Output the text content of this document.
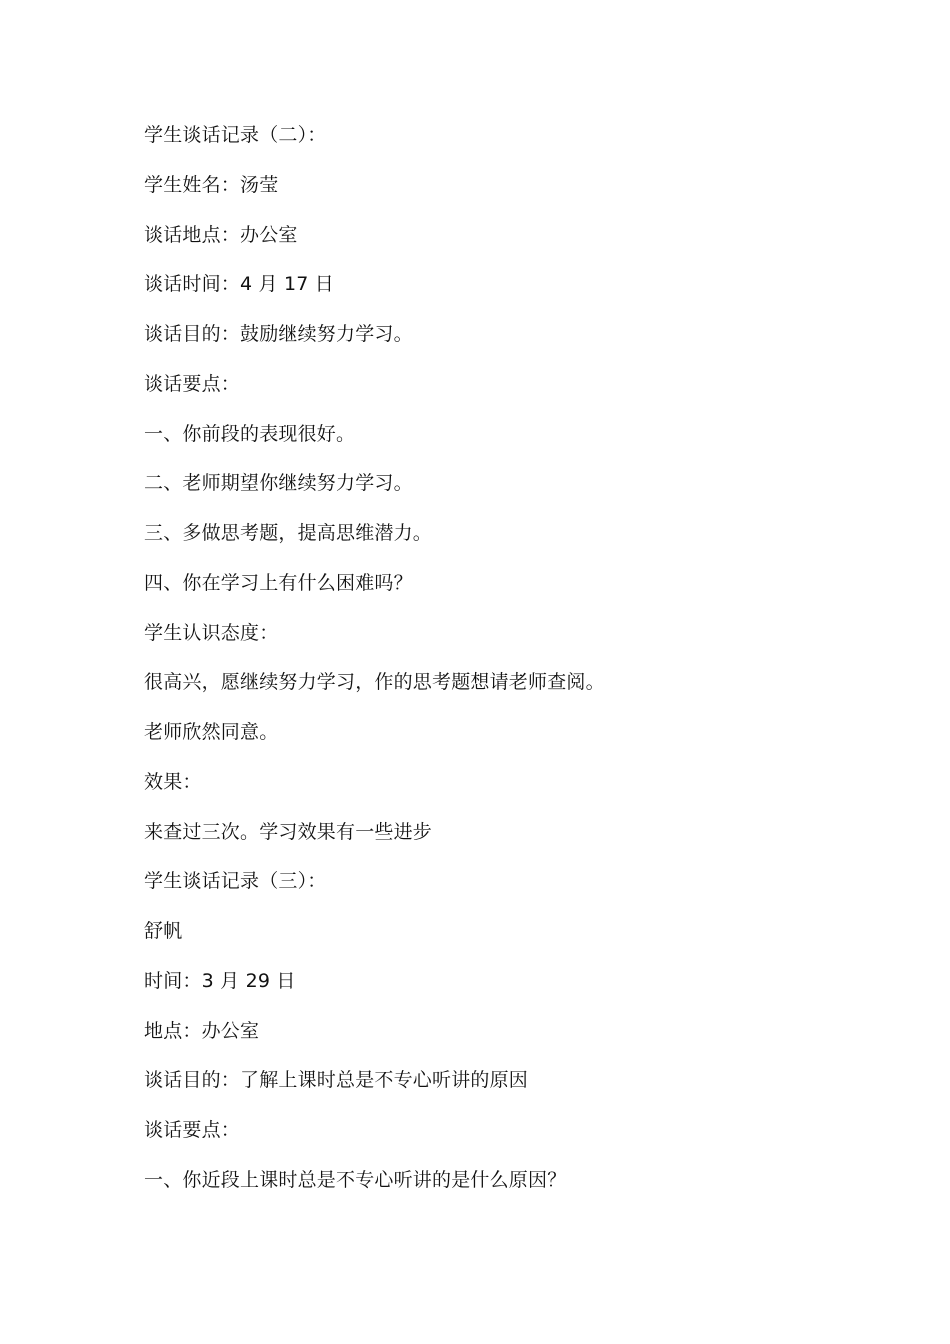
学生谈话记录（二）：
学生姓名：汤莹
谈话地点：办公室
谈话时间：4 月 17 日
谈话目的：鼓励继续努力学习。
谈话要点：
一、你前段的表现很好。
二、老师期望你继续努力学习。
三、多做思考题，提高思维潜力。
四、你在学习上有什么困难吗？
学生认识态度：
很高兴，愿继续努力学习，作的思考题想请老师查阅。
老师欣然同意。
效果：
来查过三次。学习效果有一些进步
学生谈话记录（三）：
舒帆
时间：3 月 29 日
地点：办公室
谈话目的：了解上课时总是不专心听讲的原因
谈话要点：
一、你近段上课时总是不专心听讲的是什么原因？
